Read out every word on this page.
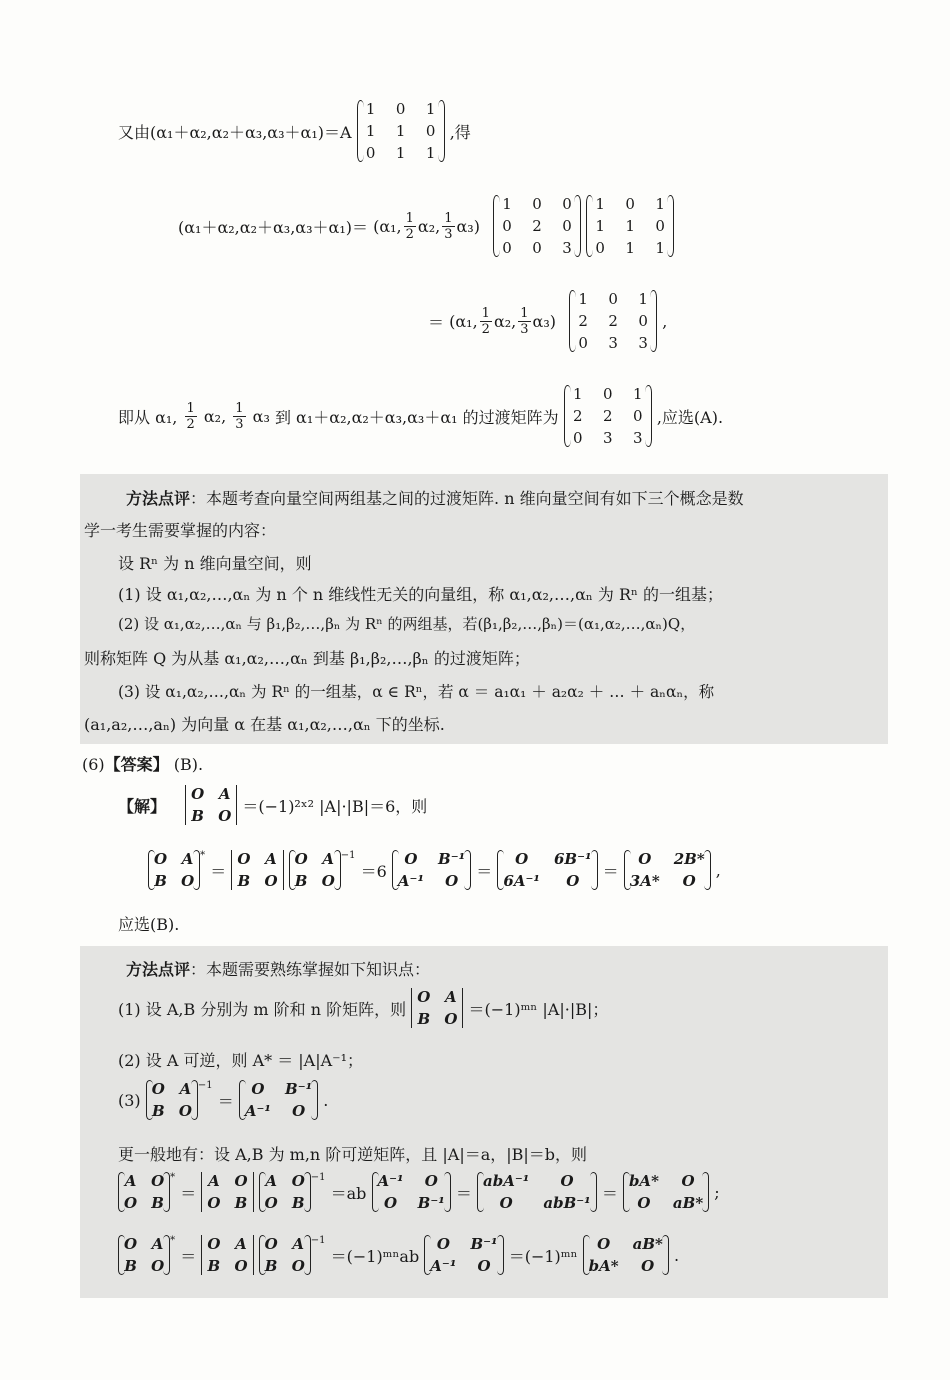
又由(α₁＋α₂,α₂＋α₃,α₃＋α₁)＝A
1 0 1
1 1 0
0 1 1
,得
(α₁＋α₂,α₂＋α₃,α₃＋α₁)＝ (α₁, $\frac{1}{2} \alpha_2$, $\frac{1}{3} \alpha_3$)

1 0 0
0 2 0
0 0 3

1 0 1
1 1 0
0 1 1
＝ (α₁, $\frac{1}{2} \alpha_2$, $\frac{1}{3} \alpha_3$)

1 0 1
2 2 0
0 3 3
,
即从 α₁, $\frac{1}{2} \alpha_2$, $\frac{1}{3} \alpha_3$ 到 α₁＋α₂,α₂＋α₃,α₃＋α₁ 的过渡矩阵为
1 0 1
2 2 0
0 3 3
,应选(A).
方法点评：本题考查向量空间两组基之间的过渡矩阵. n 维向量空间有如下三个概念是数
学一考生需要掌握的内容：
设 Rⁿ 为 n 维向量空间，则
(1) 设 α₁,α₂,…,αₙ 为 n 个 n 维线性无关的向量组，称 α₁,α₂,…,αₙ 为 Rⁿ 的一组基；
(2) 设 α₁,α₂,…,αₙ 与 β₁,β₂,…,βₙ 为 Rⁿ 的两组基，若(β₁,β₂,…,βₙ)＝(α₁,α₂,…,αₙ)Q，
则称矩阵 Q 为从基 α₁,α₂,…,αₙ 到基 β₁,β₂,…,βₙ 的过渡矩阵；
(3) 设 α₁,α₂,…,αₙ 为 Rⁿ 的一组基，α ∈ Rⁿ，若 α ＝ a₁α₁ ＋ a₂α₂ ＋ … ＋ aₙαₙ，称
(a₁,a₂,…,aₙ) 为向量 α 在基 α₁,α₂,…,αₙ 下的坐标.
(6)【答案】 (B).
【解】
O A
B O
＝(−1)²ˣ² |A|·|B|＝6，则
O A
B O
* ＝
O A
B O

O A
B O
−1 ＝6
O	B⁻¹
A⁻¹	O
＝
O	6B⁻¹
6A⁻¹	O
＝
O	2B*
3A*	O
,
应选(B).
方法点评：本题需要熟练掌握如下知识点：
(1) 设 A,B 分别为 m 阶和 n 阶矩阵，则
O A
B O
＝(−1)ᵐⁿ |A|·|B|；
(2) 设 A 可逆，则 A* ＝ |A|A⁻¹；
(3)
O A
B O
−1 ＝
O	B⁻¹
A⁻¹	O
.
更一般地有：设 A,B 为 m,n 阶可逆矩阵，且 |A|＝a，|B|＝b，则
A O
O B
* ＝
A O
O B

A O
O B
−1 ＝ab
A⁻¹	O
O	B⁻¹
＝
abA⁻¹	O
O	abB⁻¹
＝
bA*	O
O	aB*
;
O A
B O
* ＝
O A
B O

O A
B O
−1 ＝(−1)ᵐⁿab
O	B⁻¹
A⁻¹	O
＝(−1)ᵐⁿ
O	aB*
bA*	O
.
